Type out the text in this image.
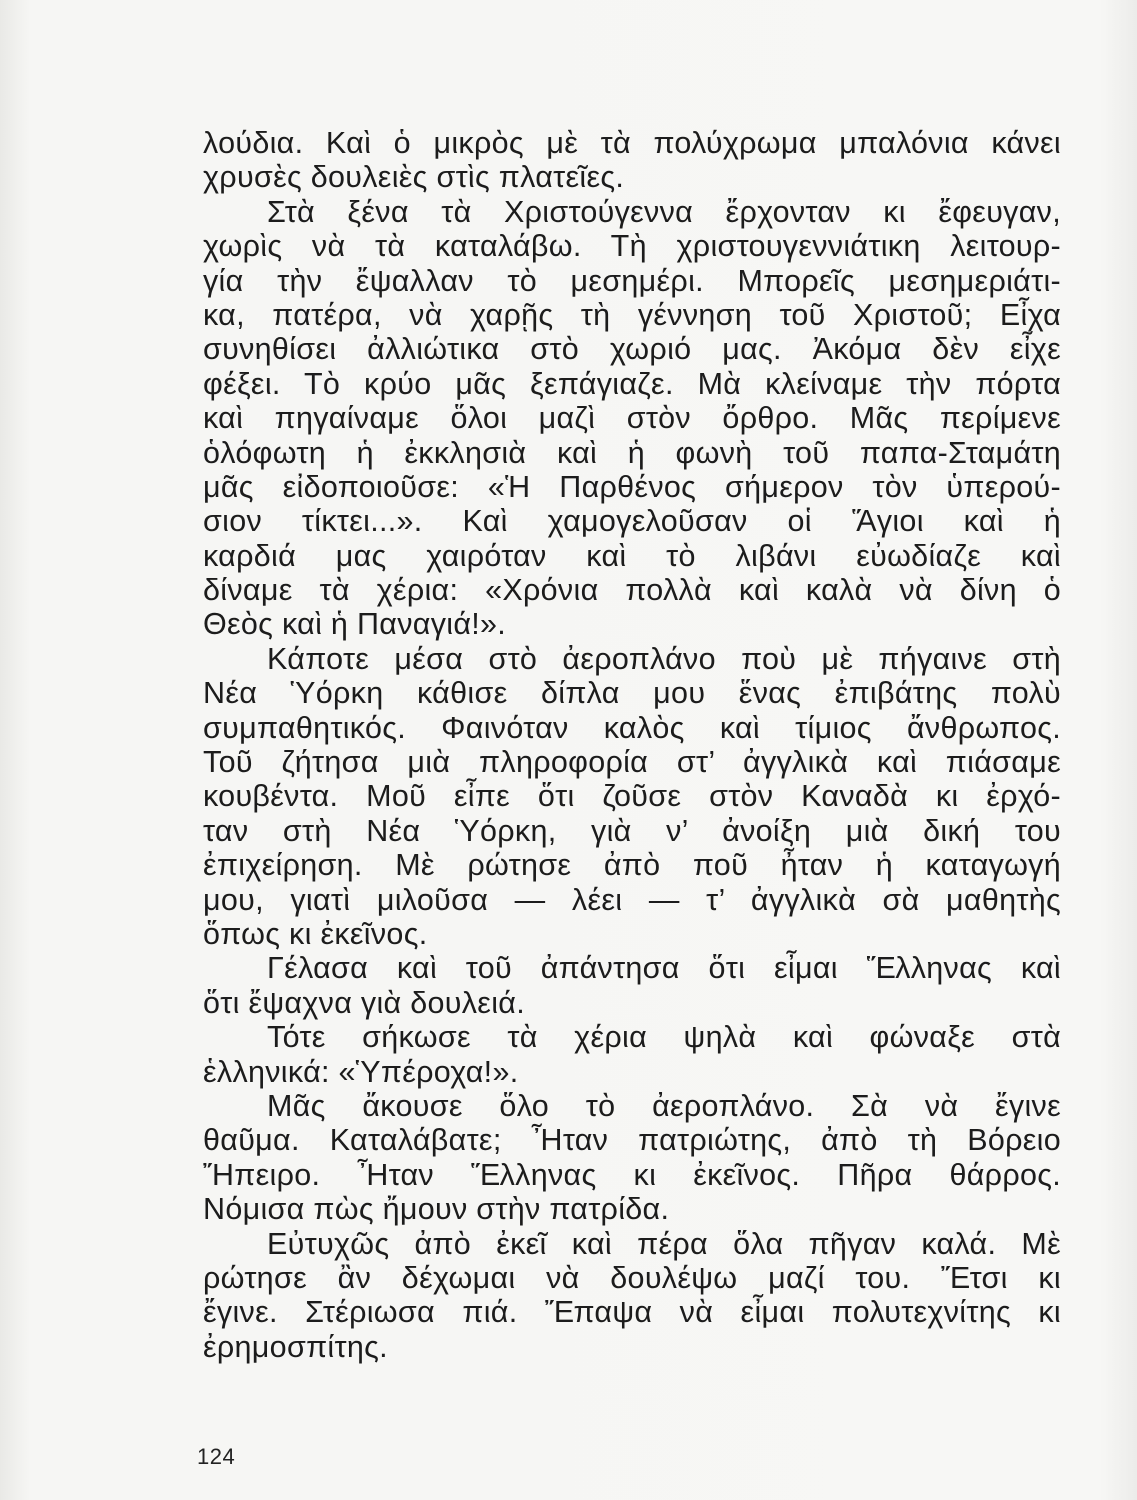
λούδια. Καὶ ὁ μικρὸς μὲ τὰ πολύχρωμα μπαλόνια κάνει
χρυσὲς δουλειὲς στὶς πλατεῖες.
Στὰ ξένα τὰ Χριστούγεννα ἔρχονταν κι ἔφευγαν,
χωρὶς νὰ τὰ καταλάβω. Τὴ χριστουγεννιάτικη λειτουρ-
γία τὴν ἔψαλλαν τὸ μεσημέρι. Μπορεῖς μεσημεριάτι-
κα, πατέρα, νὰ χαρῇς τὴ γέννηση τοῦ Χριστοῦ; Εἶχα
συνηθίσει ἀλλιώτικα στὸ χωριό μας. Ἀκόμα δὲν εἶχε
φέξει. Τὸ κρύο μᾶς ξεπάγιαζε. Μὰ κλείναμε τὴν πόρτα
καὶ πηγαίναμε ὅλοι μαζὶ στὸν ὄρθρο. Μᾶς περίμενε
ὁλόφωτη ἡ ἐκκλησιὰ καὶ ἡ φωνὴ τοῦ παπα-Σταμάτη
μᾶς εἰδοποιοῦσε: «Ἡ Παρθένος σήμερον τὸν ὑπερού-
σιον τίκτει...». Καὶ χαμογελοῦσαν οἱ Ἅγιοι καὶ ἡ
καρδιά μας χαιρόταν καὶ τὸ λιβάνι εὐωδίαζε καὶ
δίναμε τὰ χέρια: «Χρόνια πολλὰ καὶ καλὰ νὰ δίνη ὁ
Θεὸς καὶ ἡ Παναγιά!».
Κάποτε μέσα στὸ ἀεροπλάνο ποὺ μὲ πήγαινε στὴ
Νέα Ὑόρκη κάθισε δίπλα μου ἕνας ἐπιβάτης πολὺ
συμπαθητικός. Φαινόταν καλὸς καὶ τίμιος ἄνθρωπος.
Τοῦ ζήτησα μιὰ πληροφορία στ’ ἀγγλικὰ καὶ πιάσαμε
κουβέντα. Μοῦ εἶπε ὅτι ζοῦσε στὸν Καναδὰ κι ἐρχό-
ταν στὴ Νέα Ὑόρκη, γιὰ ν’ ἀνοίξη μιὰ δική του
ἐπιχείρηση. Μὲ ρώτησε ἀπὸ ποῦ ἦταν ἡ καταγωγή
μου, γιατὶ μιλοῦσα — λέει — τ’ ἀγγλικὰ σὰ μαθητὴς
ὅπως κι ἐκεῖνος.
Γέλασα καὶ τοῦ ἀπάντησα ὅτι εἶμαι Ἕλληνας καὶ
ὅτι ἔψαχνα γιὰ δουλειά.
Τότε σήκωσε τὰ χέρια ψηλὰ καὶ φώναξε στὰ
ἑλληνικά: «Ὑπέροχα!».
Μᾶς ἄκουσε ὅλο τὸ ἀεροπλάνο. Σὰ νὰ ἔγινε
θαῦμα. Καταλάβατε; Ἦταν πατριώτης, ἀπὸ τὴ Βόρειο
Ἤπειρο. Ἦταν Ἕλληνας κι ἐκεῖνος. Πῆρα θάρρος.
Νόμισα πὼς ἤμουν στὴν πατρίδα.
Εὐτυχῶς ἀπὸ ἐκεῖ καὶ πέρα ὅλα πῆγαν καλά. Μὲ
ρώτησε ἂν δέχωμαι νὰ δουλέψω μαζί του. Ἔτσι κι
ἔγινε. Στέριωσα πιά. Ἔπαψα νὰ εἶμαι πολυτεχνίτης κι
ἐρημοσπίτης.
124
